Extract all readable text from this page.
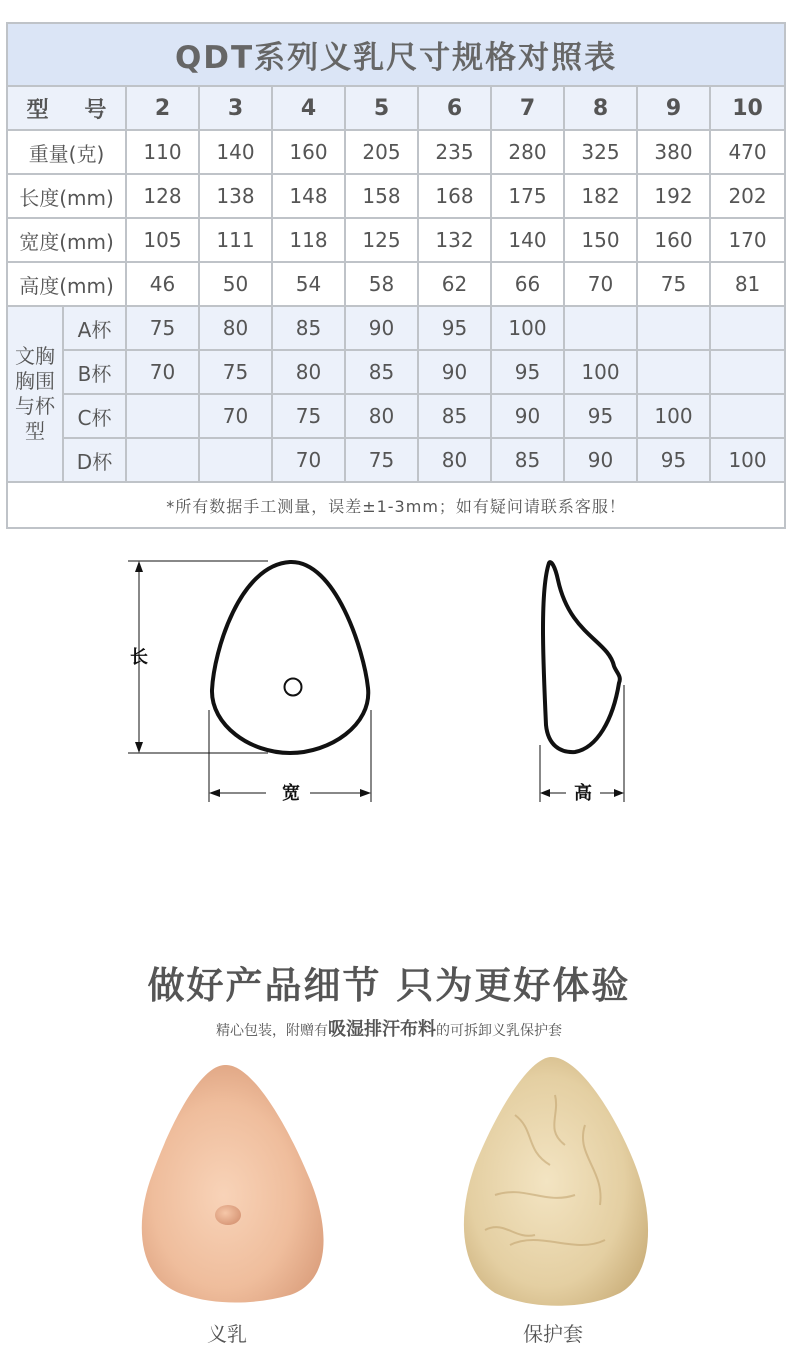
QDT系列义乳尺寸规格对照表										
型 号		2	3	4	5	6	7	8	9	10
重量(克)		110	140	160	205	235	280	325	380	470
长度(mm)		128	138	148	158	168	175	182	192	202
宽度(mm)		105	111	118	125	132	140	150	160	170
高度(mm)		46	50	54	58	62	66	70	75	81
文胸胸围与杯型	A杯	75	80	85	90	95	100			
	B杯	70	75	80	85	90	95	100		
	C杯		70	75	80	85	90	95	100	
	D杯			70	75	80	85	90	95	100
*所有数据手工测量，误差±1-3mm；如有疑问请联系客服！										
长
宽	高
做好产品细节 只为更好体验
精心包装，附赠有吸湿排汗布料的可拆卸义乳保护套
义乳	保护套
